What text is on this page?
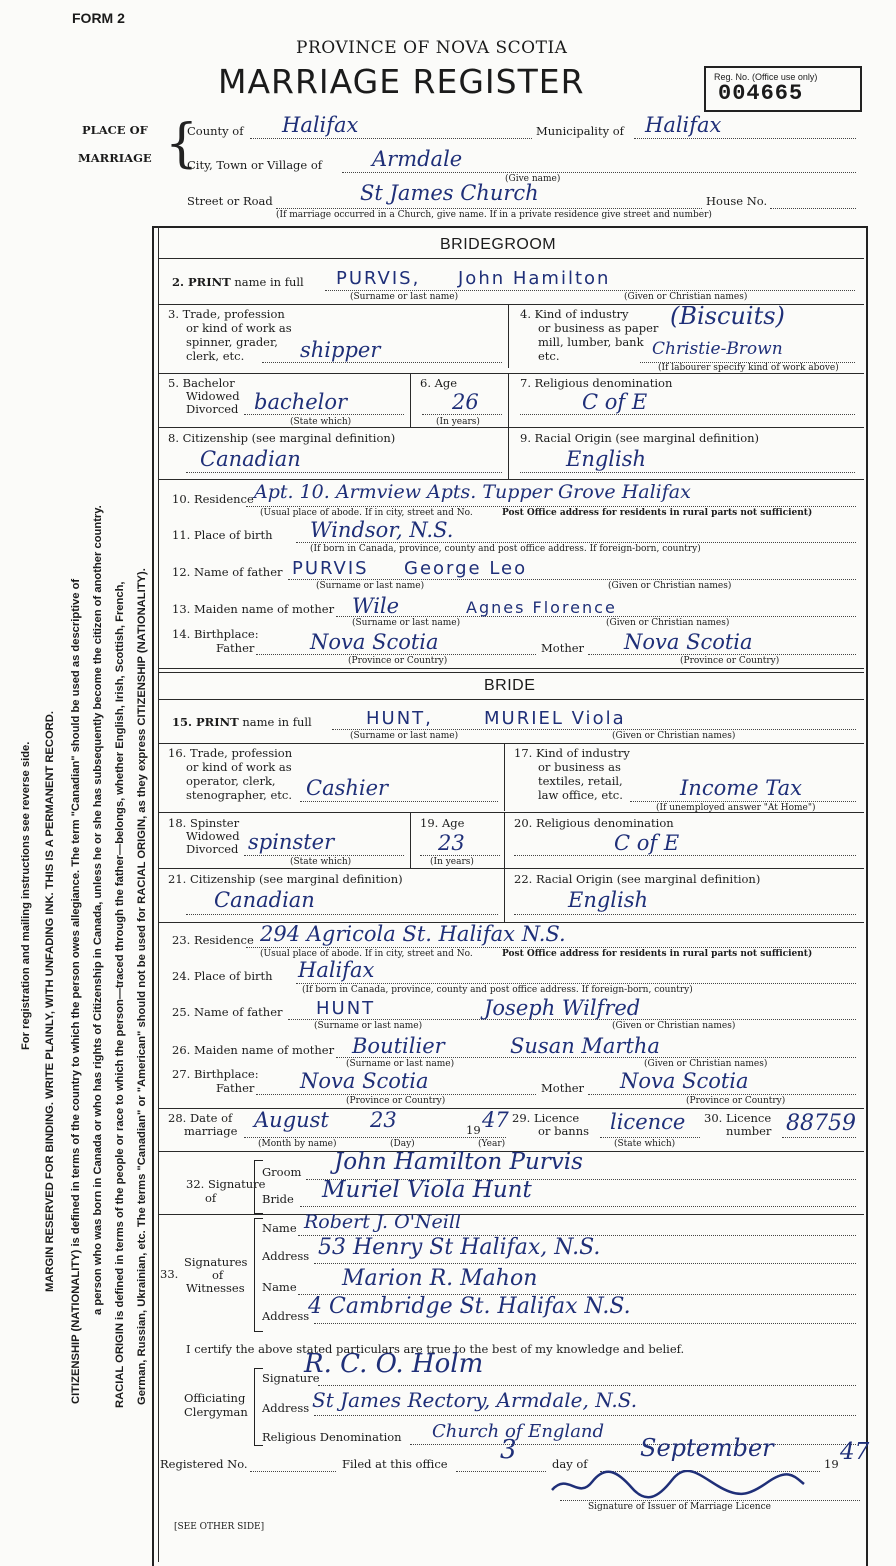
FORM 2
PROVINCE OF NOVA SCOTIA
MARRIAGE REGISTER	Reg. No. (Office use only)
004665
PLACE OF
MARRIAGE {
County of Halifax	Municipality of Halifax
City, Town or Village of Armdale
(Give name)
Street or Road	St James Church	House No.
(If marriage occurred in a Church, give name. If in a private residence give street and number)
For registration and mailing instructions see reverse side. MARGIN RESERVED FOR BINDING. WRITE PLAINLY, WITH UNFADING INK. THIS IS A PERMANENT RECORD. CITIZENSHIP (NATIONALITY) is defined in terms of the country to which the person owes allegiance. The term "Canadian" should be used as descriptive of a person who was born in Canada or who has rights of Citizenship in Canada, unless he or she has subsequently become the citizen of another country. RACIAL ORIGIN is defined in terms of the people or race to which the person—traced through the father—belongs, whether English, Irish, Scottish, French, German, Russian, Ukrainian, etc. The terms "Canadian" or "American" should not be used for RACIAL ORIGIN, as they express CITIZENSHIP (NATIONALITY).
BRIDEGROOM
2. PRINT name in full PURVIS, John Hamilton
(Surname or last name)	(Given or Christian names)
3. Trade, profession
or kind of work as
spinner, grader,
clerk, etc.	shipper
4. Kind of industry
or business as paper
mill, lumber, bank
etc.
(Biscuits)
Christie-Brown
(If labourer specify kind of work above)
5. Bachelor
Widowed
Divorced bachelor
(State which)
6. Age
26
(In years)
7. Religious denomination
C of E
8. Citizenship (see marginal definition)
Canadian
9. Racial Origin (see marginal definition)
English
10. Residence Apt. 10. Armview Apts. Tupper Grove Halifax
(Usual place of abode. If in city, street and No.	Post Office address for residents in rural parts not sufficient)
11. Place of birth Windsor, N.S.
(If born in Canada, province, county and post office address. If foreign-born, country)
12. Name of father PURVIS George Leo
(Surname or last name)	(Given or Christian names)
13. Maiden name of mother Wile	Agnes Florence
(Surname or last name)	(Given or Christian names)
14. Birthplace:
Father	Nova Scotia
(Province or Country)
Mother Nova Scotia
(Province or Country)
BRIDE
15. PRINT name in full	HUNT,	MURIEL Viola
(Surname or last name)	(Given or Christian names)
16. Trade, profession
or kind of work as
operator, clerk,
stenographer, etc. Cashier
17. Kind of industry
or business as
textiles, retail,
law office, etc.	Income Tax
(If unemployed answer "At Home")
18. Spinster
Widowed
Divorced spinster
(State which)
19. Age
23
(In years)
20. Religious denomination
C of E
21. Citizenship (see marginal definition)
Canadian
22. Racial Origin (see marginal definition)
English
23. Residence 294 Agricola St. Halifax N.S.
(Usual place of abode. If in city, street and No.	Post Office address for residents in rural parts not sufficient)
24. Place of birth Halifax
(If born in Canada, province, county and post office address. If foreign-born, country)
25. Name of father HUNT	Joseph Wilfred
(Surname or last name)	(Given or Christian names)
26. Maiden name of mother Boutilier	Susan Martha
(Surname or last name)	(Given or Christian names)
27. Birthplace:
Father Nova Scotia
(Province or Country)
Mother Nova Scotia
(Province or Country)
28. Date of
marriage August 23	19 47
(Month by name)	(Day)	(Year)
29. Licence
or banns licence
(State which)
30. Licence
number 88759
32. Signature
of
Groom John Hamilton Purvis
Bride Muriel Viola Hunt
33.
Signatures
of
Witnesses
Name Robert J. O'Neill
Address 53 Henry St Halifax, N.S.
Name Marion R. Mahon
Address
4 Cambridge St. Halifax N.S.
I certify the above stated particulars are true to the best of my knowledge and belief.
Officiating
Clergyman
Signature
R. C. O. Holm
Address St James Rectory, Armdale, N.S.
Religious Denomination Church of England
Registered No.	Filed at this office 3	day of
September
19 47
Signature of Issuer of Marriage Licence
[SEE OTHER SIDE]
